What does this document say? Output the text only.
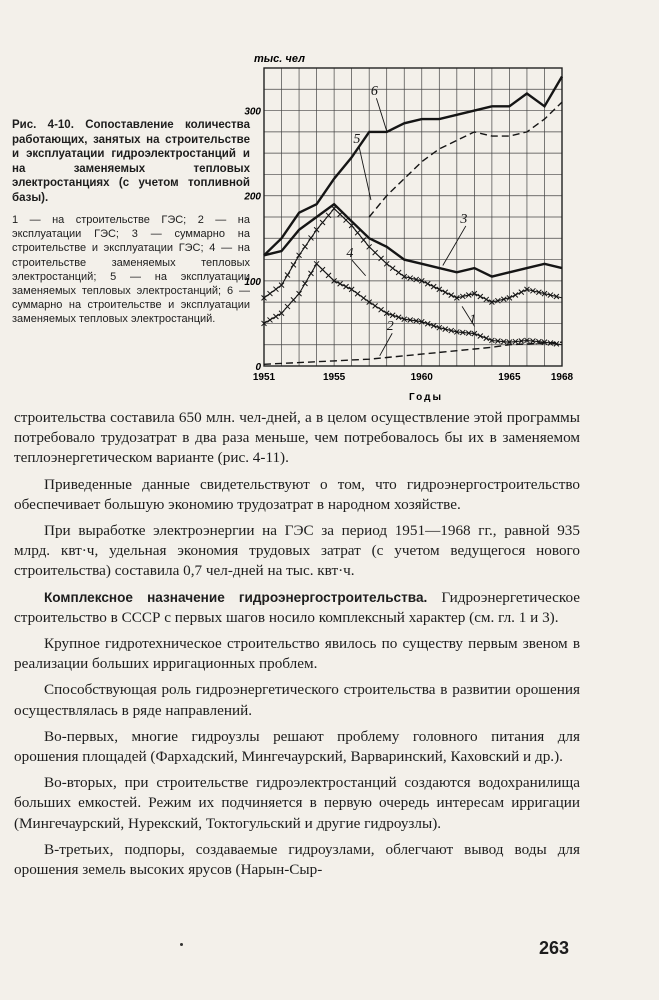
Рис. 4-10. Сопоставление количества работающих, занятых на строительстве и эксплуатации гидроэлектростанций и на заменяемых тепловых электростанциях (с учетом топливной базы).

1 — на строительстве ГЭС; 2 — на эксплуатации ГЭС; 3 — суммарно на строительстве и эксплуатации ГЭС; 4 — на строительстве заменяемых тепловых электростанций; 5 — на эксплуатации заменяемых тепловых электростанций; 6 — суммарно на строительстве и эксплуатации заменяемых тепловых электростанций.

0
100
200
300
1951	1955	1960	1965	1968
1
2
3
4
5
6
тыс. чел
Годы

строительства составила 650 млн. чел-дней, а в целом осуществление этой программы потребовало трудозатрат в два раза меньше, чем потребовалось бы их в заменяемом теплоэнергетическом варианте (рис. 4-11).

Приведенные данные свидетельствуют о том, что гидроэнергостроительство обеспечивает большую экономию трудозатрат в народном хозяйстве.

При выработке электроэнергии на ГЭС за период 1951—1968 гг., равной 935 млрд. квт·ч, удельная экономия трудовых затрат (с учетом ведущегося нового строительства) составила 0,7 чел-дней на тыс. квт·ч.

Комплексное назначение гидроэнергостроительства. Гидроэнергетическое строительство в СССР с первых шагов носило комплексный характер (см. гл. 1 и 3).

Крупное гидротехническое строительство явилось по существу первым звеном в реализации больших ирригационных проблем.

Способствующая роль гидроэнергетического строительства в развитии орошения осуществлялась в ряде направлений.

Во-первых, многие гидроузлы решают проблему головного питания для орошения площадей (Фархадский, Мингечаурский, Варваринский, Каховский и др.).

Во-вторых, при строительстве гидроэлектростанций создаются водохранилища больших емкостей. Режим их подчиняется в первую очередь интересам ирригации (Мингечаурский, Нурекский, Токтогульский и другие гидроузлы).

В-третьих, подпоры, создаваемые гидроузлами, облегчают вывод воды для орошения земель высоких ярусов (Нарын-Сыр-

263
